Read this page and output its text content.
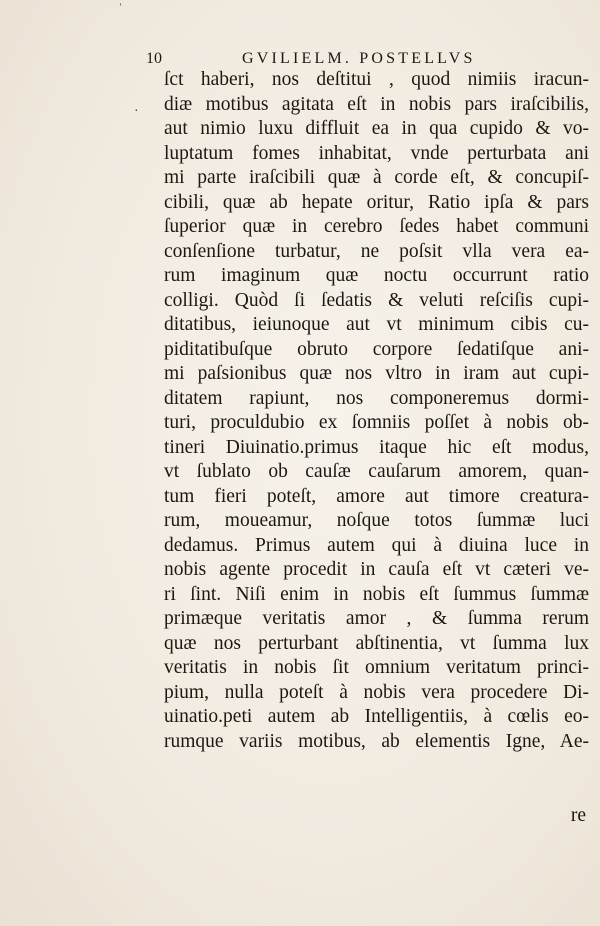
ˈ
·
10	GVILIELM. POSTELLVS
ſct haberi, nos deſtitui , quod nimiis iracun-
diæ motibus agitata eſt in nobis pars iraſcibilis,
aut nimio luxu diffluit ea in qua cupido & vo-
luptatum fomes inhabitat, vnde perturbata ani
mi parte iraſcibili quæ à corde eſt, & concupiſ-
cibili, quæ ab hepate oritur, Ratio ipſa & pars
ſuperior quæ in cerebro ſedes habet communi
conſenſione turbatur, ne poſsit vlla vera ea-
rum imaginum quæ noctu occurrunt ratio
colligi. Quòd ſi ſedatis & veluti reſciſis cupi-
ditatibus, ieiunoque aut vt minimum cibis cu-
piditatibuſque obruto corpore ſedatiſque ani-
mi paſsionibus quæ nos vltro in iram aut cupi-
ditatem rapiunt, nos componeremus dormi-
turi, proculdubio ex ſomniis poſſet à nobis ob-
tineri Diuinatio.primus itaque hic eſt modus,
vt ſublato ob cauſæ cauſarum amorem, quan-
tum fieri poteſt, amore aut timore creatura-
rum, moueamur, noſque totos ſummæ luci
dedamus. Primus autem qui à diuina luce in
nobis agente procedit in cauſa eſt vt cæteri ve-
ri ſint. Niſi enim in nobis eſt ſummus ſummæ
primæque veritatis amor , & ſumma rerum
quæ nos perturbant abſtinentia, vt ſumma lux
veritatis in nobis ſit omnium veritatum princi-
pium, nulla poteſt à nobis vera procedere Di-
uinatio.peti autem ab Intelligentiis, à cœlis eo-
rumque variis motibus, ab elementis Igne, Ae-
re
